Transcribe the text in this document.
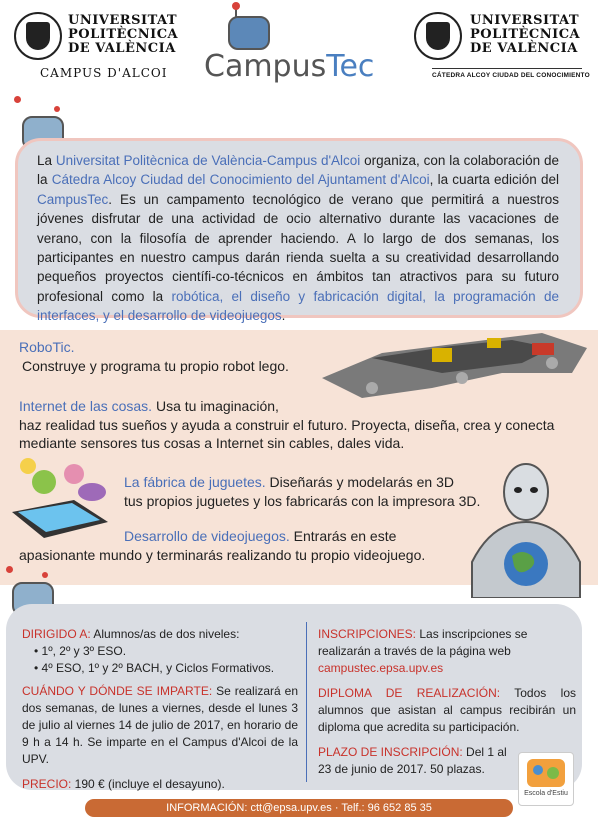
UNIVERSITAT
POLITÈCNICA
DE VALÈNCIA
CAMPUS D'ALCOI CampusTec
UNIVERSITAT
POLITÈCNICA
DE VALÈNCIA
CÁTEDRA ALCOY CIUDAD DEL CONOCIMIENTO
La Universitat Politècnica de València-Campus d'Alcoi organiza, con la colaboración de la Cátedra Alcoy Ciudad del Conocimiento del Ajuntament d'Alcoi, la cuarta edición del CampusTec. Es un campamento tecnológico de verano que permitirá a nuestros jóvenes disfrutar de una actividad de ocio alternativo durante las vacaciones de verano, con la filosofía de aprender haciendo. A lo largo de dos semanas, los participantes en nuestro campus darán rienda suelta a su creatividad desarrollando pequeños proyectos científi-co-técnicos en ámbitos tan atractivos para su futuro profesional como la robótica, el diseño y fabricación digital, la programación de interfaces, y el desarrollo de videojuegos.
RoboTic.
Construye y programa tu propio robot lego.
Internet de las cosas. Usa tu imaginación,
haz realidad tus sueños y ayuda a construir el futuro. Proyecta, diseña, crea y conecta mediante sensores tus cosas a Internet sin cables, dales vida.
La fábrica de juguetes. Diseñarás y modelarás en 3D
tus propios juguetes y los fabricarás con la impresora 3D.
Desarrollo de videojuegos. Entrarás en este
apasionante mundo y terminarás realizando tu propio videojuego.
DIRIGIDO A: Alumnos/as de dos niveles:
• 1º, 2º y 3º ESO.
• 4º ESO, 1º y 2º BACH, y Ciclos Formativos.
CUÁNDO Y DÓNDE SE IMPARTE: Se realizará en dos semanas, de lunes a viernes, desde el lunes 3 de julio al viernes 14 de julio de 2017, en horario de 9 h a 14 h. Se imparte en el Campus d'Alcoi de la UPV.
PRECIO: 190 € (incluye el desayuno).
INSCRIPCIONES: Las inscripciones se realizarán a través de la página web
campustec.epsa.upv.es
DIPLOMA DE REALIZACIÓN: Todos los alumnos que asistan al campus recibirán un diploma que acredita su participación.
PLAZO DE INSCRIPCIÓN: Del 1 al 23 de junio de 2017. 50 plazas.
Escola d'Estiu
INFORMACIÓN: ctt@epsa.upv.es · Telf.: 96 652 85 35
